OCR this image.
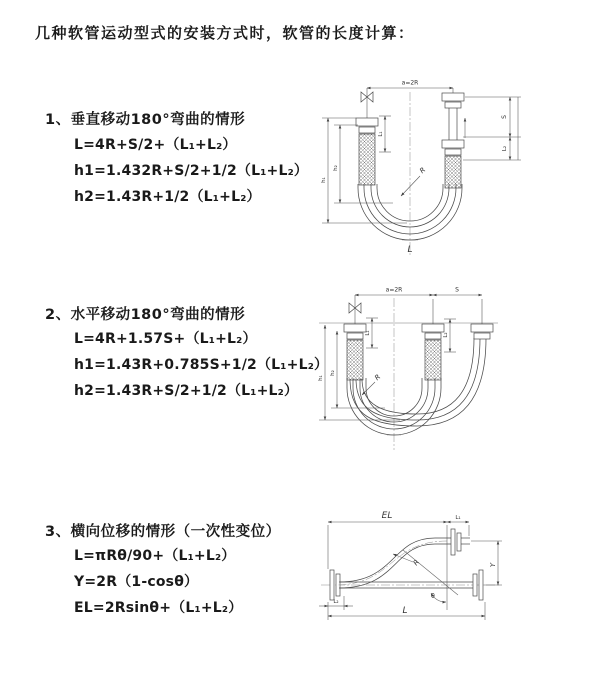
几种软管运动型式的安装方式时，软管的长度计算：
1、垂直移动180°弯曲的情形
L=4R+S/2+（L₁+L₂）
h1=1.432R+S/2+1/2（L₁+L₂）
h2=1.43R+1/2（L₁+L₂）
2、水平移动180°弯曲的情形
L=4R+1.57S+（L₁+L₂）
h1=1.43R+0.785S+1/2（L₁+L₂）
h2=1.43R+S/2+1/2（L₁+L₂）
3、横向位移的情形（一次性变位）
L=πRθ/90+（L₁+L₂）
Y=2R（1-cosθ）
EL=2Rsinθ+（L₁+L₂）
a=2R
S
L₂
h₁
h₂
L₁
R
L
a=2R	S
h₁
h₂
L₁	L₂
R
EL	L₁
Y
L
L₂
θ
R
